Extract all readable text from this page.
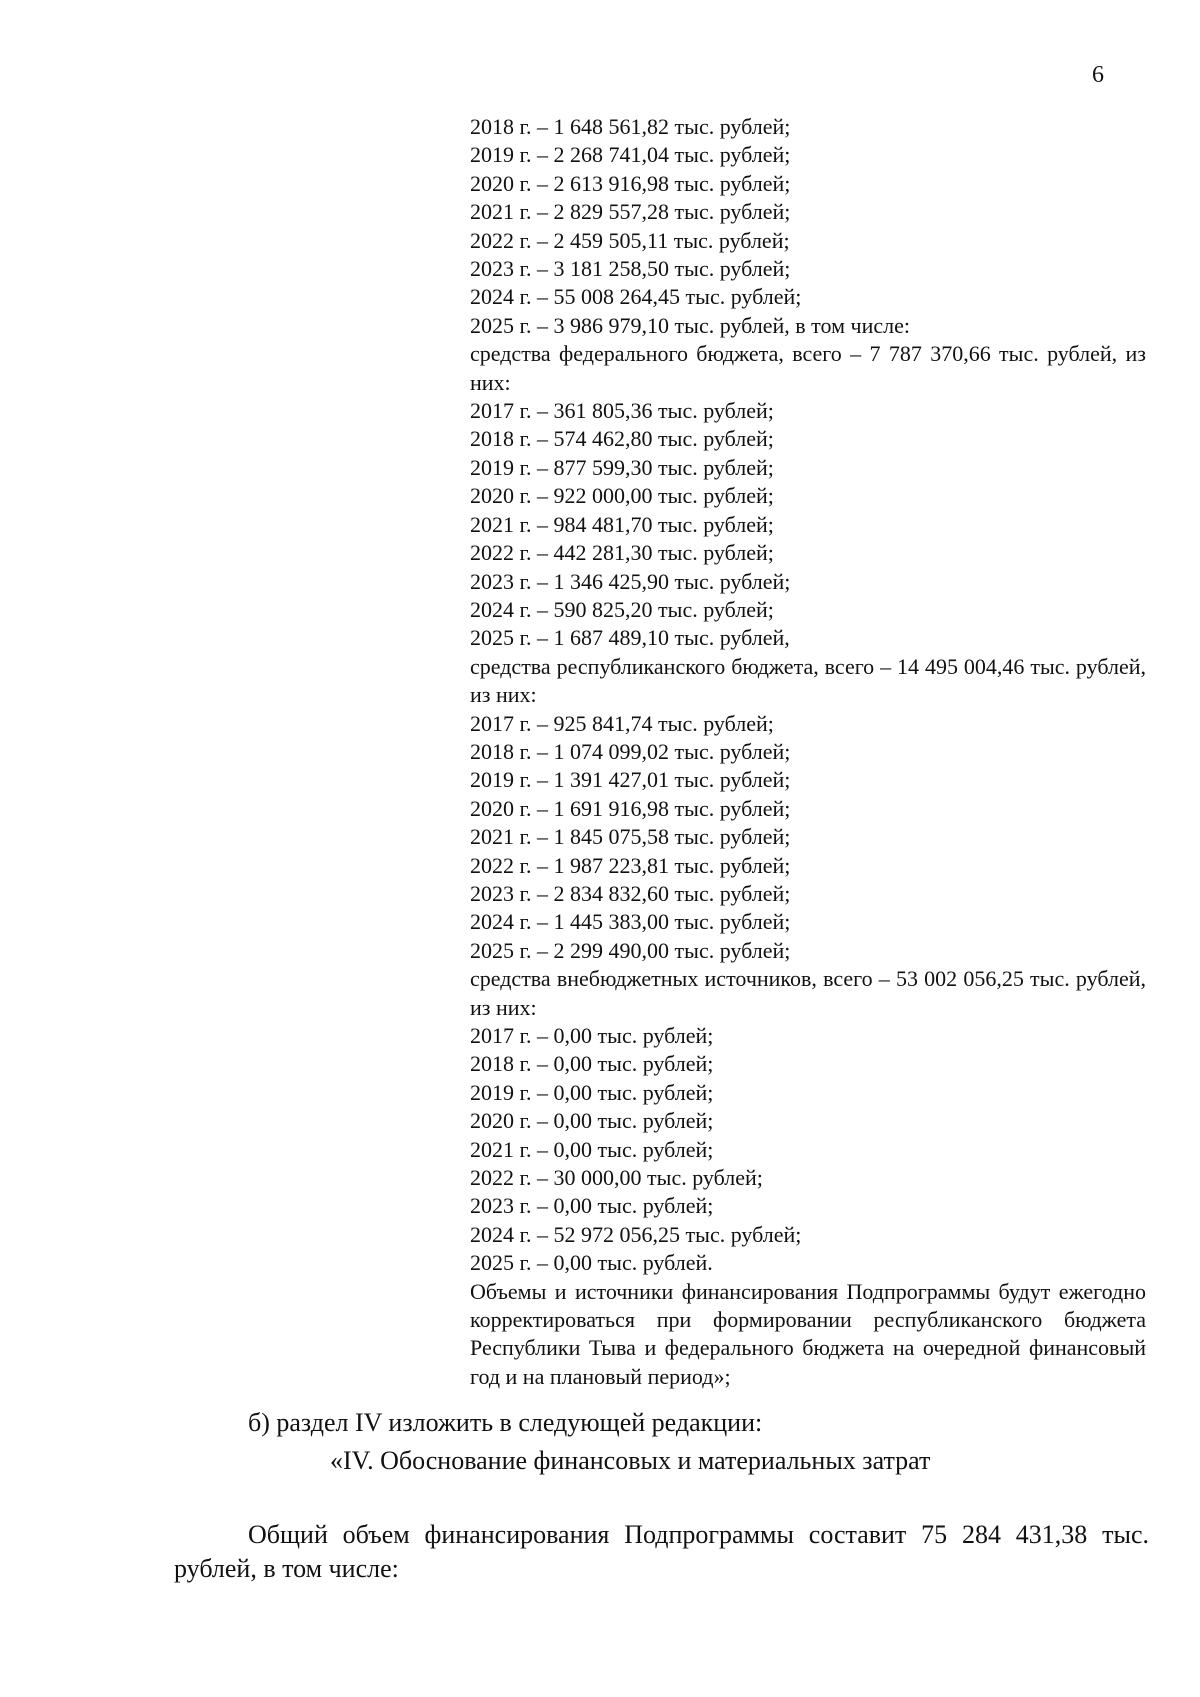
6
2018 г. – 1 648 561,82 тыс. рублей;
2019 г. – 2 268 741,04 тыс. рублей;
2020 г. – 2 613 916,98 тыс. рублей;
2021 г. – 2 829 557,28 тыс. рублей;
2022 г. – 2 459 505,11 тыс. рублей;
2023 г. – 3 181 258,50 тыс. рублей;
2024 г. – 55 008 264,45 тыс. рублей;
2025 г. – 3 986 979,10 тыс. рублей, в том числе:
средства федерального бюджета, всего – 7 787 370,66 тыс. рублей, из них:
2017 г. – 361 805,36 тыс. рублей;
2018 г. – 574 462,80 тыс. рублей;
2019 г. – 877 599,30 тыс. рублей;
2020 г. – 922 000,00 тыс. рублей;
2021 г. – 984 481,70 тыс. рублей;
2022 г. – 442 281,30 тыс. рублей;
2023 г. – 1 346 425,90 тыс. рублей;
2024 г. – 590 825,20 тыс. рублей;
2025 г. – 1 687 489,10 тыс. рублей,
средства республиканского бюджета, всего – 14 495 004,46 тыс. рублей, из них:
2017 г. – 925 841,74 тыс. рублей;
2018 г. – 1 074 099,02 тыс. рублей;
2019 г. – 1 391 427,01 тыс. рублей;
2020 г. – 1 691 916,98 тыс. рублей;
2021 г. – 1 845 075,58 тыс. рублей;
2022 г. – 1 987 223,81 тыс. рублей;
2023 г. – 2 834 832,60 тыс. рублей;
2024 г. – 1 445 383,00 тыс. рублей;
2025 г. – 2 299 490,00 тыс. рублей;
средства внебюджетных источников, всего – 53 002 056,25 тыс. рублей, из них:
2017 г. – 0,00 тыс. рублей;
2018 г. – 0,00 тыс. рублей;
2019 г. – 0,00 тыс. рублей;
2020 г. – 0,00 тыс. рублей;
2021 г. – 0,00 тыс. рублей;
2022 г. – 30 000,00 тыс. рублей;
2023 г. – 0,00 тыс. рублей;
2024 г. – 52 972 056,25 тыс. рублей;
2025 г. – 0,00 тыс. рублей.
Объемы и источники финансирования Подпрограммы будут ежегодно корректироваться при формировании республиканского бюджета Республики Тыва и федерального бюджета на очередной финансовый год и на плановый период»;
б) раздел IV изложить в следующей редакции:
«IV. Обоснование финансовых и материальных затрат
Общий объем финансирования Подпрограммы составит 75 284 431,38 тыс. рублей, в том числе:
